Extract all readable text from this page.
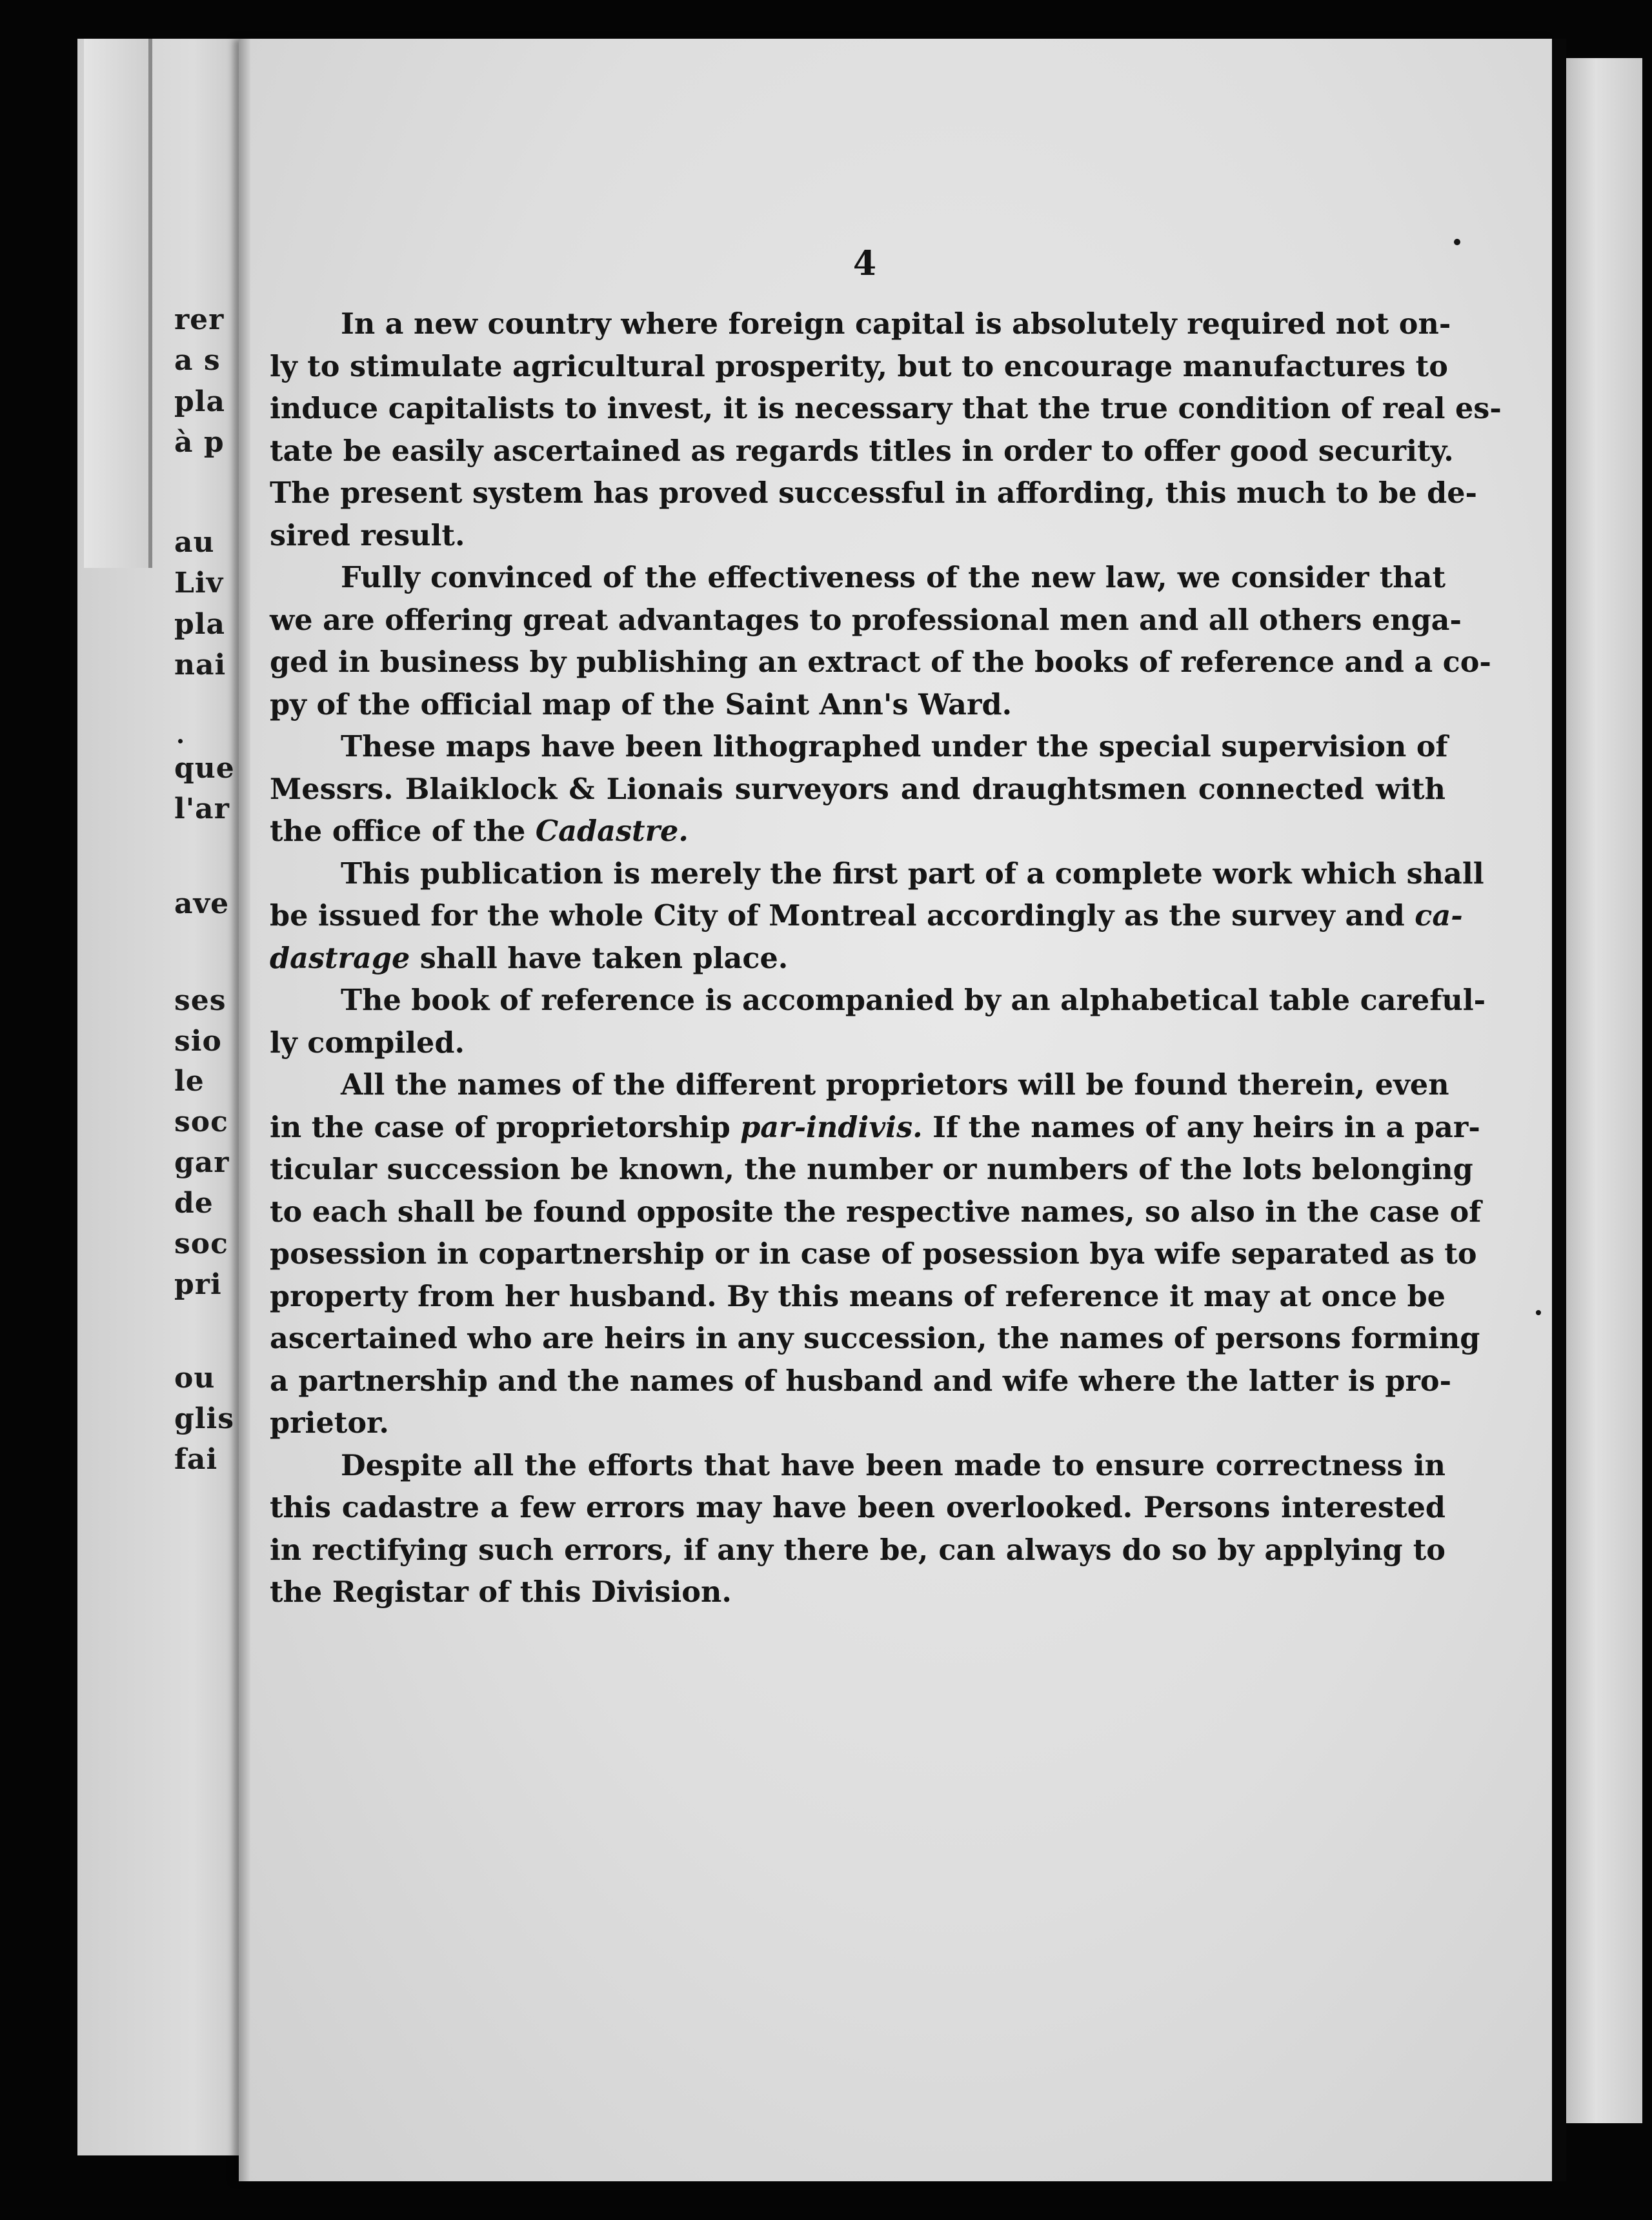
rer
a s
pla
à p
au
Liv
pla
nai
que
l'ar
ave
ses
sio
le
soc
gar
de
soc
pri
ou
glis
fai
4
In a new country where foreign capital is absolutely required not on-
ly to stimulate agricultural prosperity, but to encourage manufactures to
induce capitalists to invest, it is necessary that the true condition of real es-
tate be easily ascertained as regards titles in order to offer good security.
The present system has proved successful in affording, this much to be de-
sired result.
Fully convinced of the effectiveness of the new law, we consider that
we are offering great advantages to professional men and all others enga-
ged in business by publishing an extract of the books of reference and a co-
py of the official map of the Saint Ann's Ward.
These maps have been lithographed under the special supervision of
Messrs. Blaiklock & Lionais surveyors and draughtsmen connected with
the office of the Cadastre.
This publication is merely the first part of a complete work which shall
be issued for the whole City of Montreal accordingly as the survey and ca-
dastrage shall have taken place.
The book of reference is accompanied by an alphabetical table careful-
ly compiled.
All the names of the different proprietors will be found therein, even
in the case of proprietorship par-indivis. If the names of any heirs in a par-
ticular succession be known, the number or numbers of the lots belonging
to each shall be found opposite the respective names, so also in the case of
posession in copartnership or in case of posession bya wife separated as to
property from her husband. By this means of reference it may at once be
ascertained who are heirs in any succession, the names of persons forming
a partnership and the names of husband and wife where the latter is pro-
prietor.
Despite all the efforts that have been made to ensure correctness in
this cadastre a few errors may have been overlooked. Persons interested
in rectifying such errors, if any there be, can always do so by applying to
the Registar of this Division.
